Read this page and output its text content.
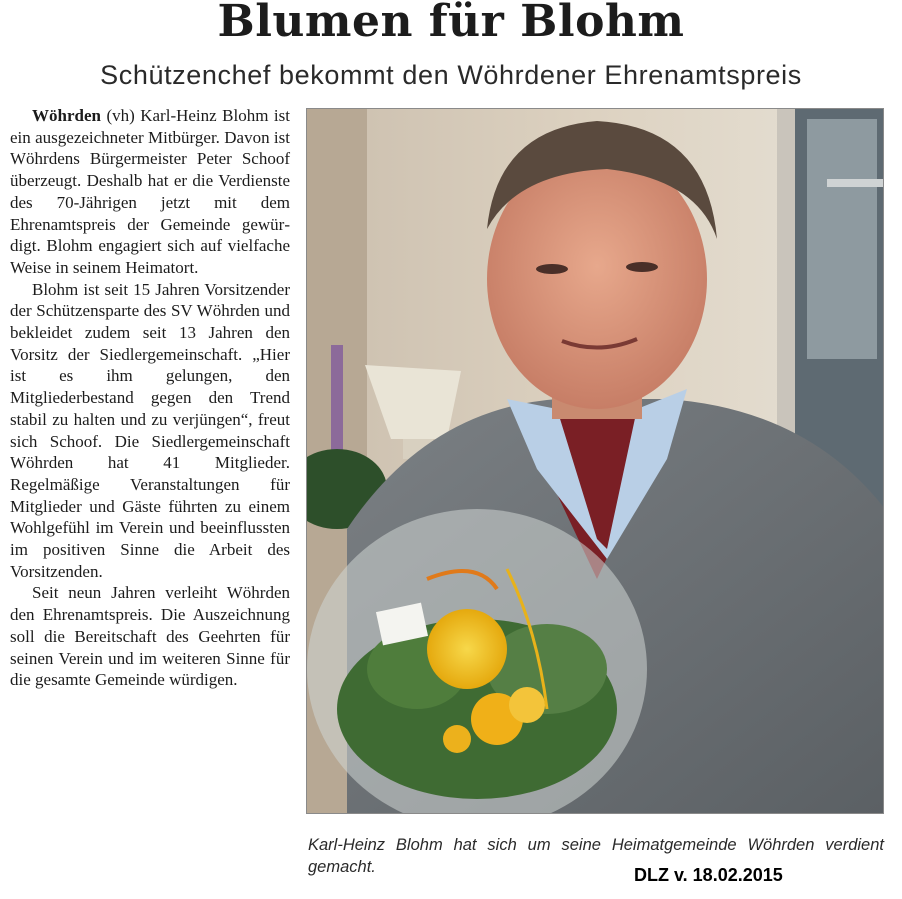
Blumen für Blohm
Schützenchef bekommt den Wöhrdener Ehrenamtspreis

Wöhrden (vh) Karl-Heinz Blohm ist ein ausgezeichneter Mitbürger. Davon ist Wöhrdens Bürgermeister Peter Schoof überzeugt. Deshalb hat er die Verdienste des 70-Jährigen jetzt mit dem Ehrenamtspreis der Gemeinde gewürdigt. Blohm engagiert sich auf vielfache Weise in seinem Heimatort.

Blohm ist seit 15 Jahren Vorsitzender der Schützensparte des SV Wöhrden und bekleidet zudem seit 13 Jahren den Vorsitz der Siedlergemeinschaft. „Hier ist es ihm gelungen, den Mitgliederbestand gegen den Trend stabil zu halten und zu verjüngen“, freut sich Schoof. Die Siedlergemeinschaft Wöhrden hat 41 Mitglieder. Regelmäßige Veranstaltungen für Mitglieder und Gäste führten zu einem Wohlgefühl im Verein und beeinflussten im positiven Sinne die Arbeit des Vorsitzenden.

Seit neun Jahren verleiht Wöhrden den Ehrenamtspreis. Die Auszeichnung soll die Bereitschaft des Geehrten für seinen Verein und im weiteren Sinne für die gesamte Gemeinde würdigen.

Karl-Heinz Blohm hat sich um seine Heimatgemeinde Wöhrden verdient gemacht.	DLZ v. 18.02.2015
